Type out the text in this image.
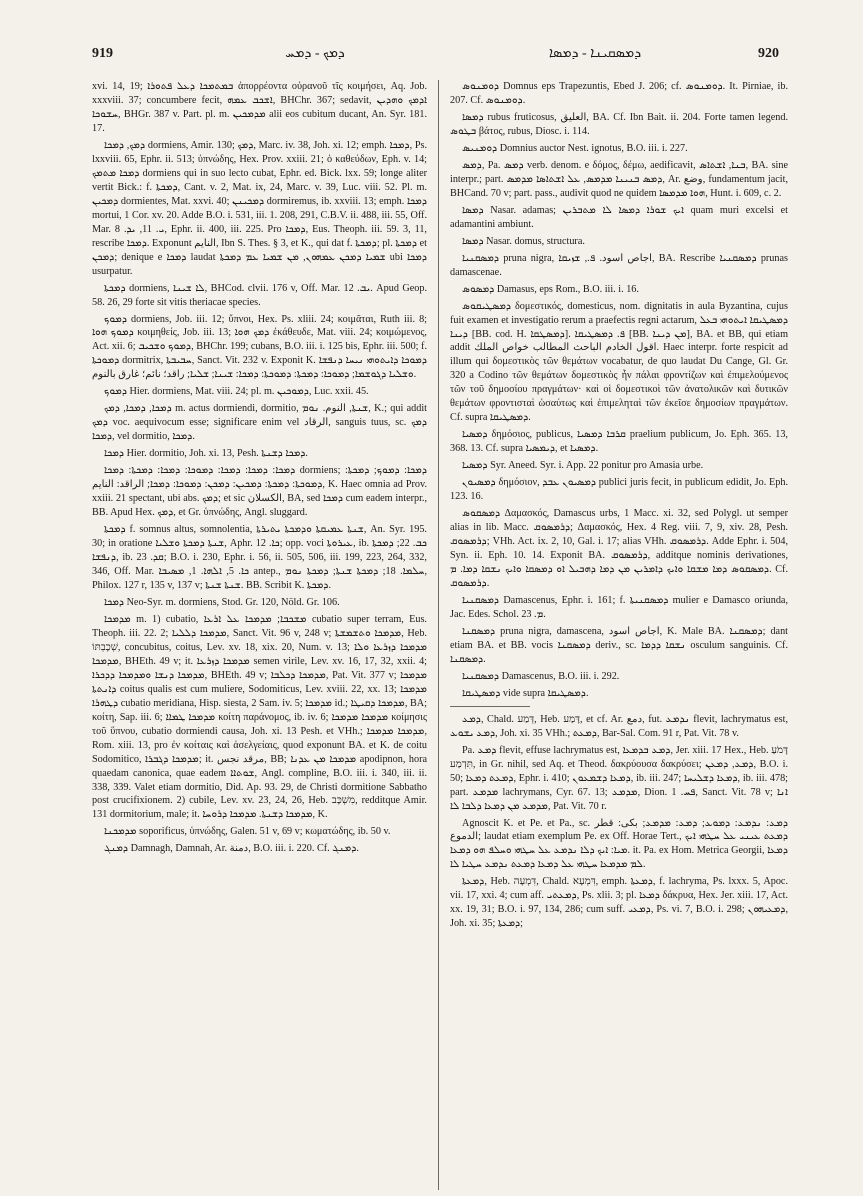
919	ܕܡܟ - ܕܡܚ	ܕܡܣܩܝܢܐ - ܕܡܣܐ	920

xvi. 14, 19; ܒܡܬܡܟܐ ܕܥܠ ܦܬܘܪܐ ἀπορρέοντα οὐρανοῦ τῖς κοιμήσει, Aq. Job. xxxviii. 37; concumbere fecit, ܐܫܟܒ ܥܡܗ, BHChr. 367; sedavit, ܐܕܡܟ ܘܗܕܝܢ ܚܫܘܟܐ, BHGr. 387 v. Part. pl. m. ܡܕܡܟܝܢ alii eos cubitum ducant, An. Syr. 181. 17.

ܕܡܟ, ܕܡܟܐ dormiens, Amir. 130; ܕܡܟ, Marc. iv. 38, Joh. xi. 12; emph. ܕܡܟܐ, Ps. lxxviii. 65, Ephr. ii. 513; ὑπνώδης, Hex. Prov. xxiii. 21; ὁ καθεύδων, Eph. v. 14; ܕܡܟܐ ܡܬܡܟ dormiens qui in suo lecto cubat, Ephr. ed. Bick. lxx. 59; longe aliter vertit Bick.: f. ܕܡܟܬܐ, Cant. v. 2, Mat. ix, 24, Marc. v. 39, Luc. viii. 52. Pl. m. ܕܡܟܝܢ dormientes, Mat. xxvi. 40; ܕܡܟܝܢܢ dormiremus, ib. xxviii. 13; emph. ܕܡܟܐ mortui, 1 Cor. xv. 20. Adde B.O. i. 531, iii. 1. 208, 291, C.B.V. ii. 488, iii. 55, Off. Mar. ܝ. 11, ܝܕ. 8, Ephr. ii. 400, iii. 225. Pro ܕܡܟܐ, Eus. Theoph. iii. 59. 3, 11, rescribe ܕܡܟܐ. Exponunt النايم, Ibn S. Thes. § 3, et K., qui dat f. ܕܡܟܬܐ; pl. ܕܡܟܬܐ et ܕܡܟܢ; denique e ܕܡܟܐ laudat ܫܡܝܐ ܕܡܟܢ ܥܡܗܘܢ, ܡܢ ܫܡܝܐ ܥܡ ܕܡܟܬܐ ubi ܕܡܟܐ usurpatur.

ܕܡܟܬܐ dormiens, ܠܐ ܫܝܢܐ, BHCod. clvii. 176 v, Off. Mar. ܝܒ. 12. Apud Geop. 58. 26, 29 forte sit vitis theriacae species.

ܕܡܘܟ dormiens, Job. iii. 12; ὕπνοι, Hex. Ps. xliii. 24; κοιμᾶται, Ruth iii. 8; ܕܡܘܟ ܗܘܐ κοιμηθείς, Job. iii. 13; ܕܡܟ ܗܘܐ ἐκάθευδε, Mat. viii. 24; κοιμώμενος, Act. xii. 6; ܕܡܘܟ ܘܫܟܝܒ, BHChr. 199; cubans, B.O. iii. i. 125 bis, Ephr. iii. 500; f. ܕܡܘܟܬܐ dormitrix, ܚܒܝܒܬܐ, Sanct. Vit. 232 v. Exponit K. ܕܡܘܟܐ ܕܐܝܬܘܗܝ ܢܝܚܐ ܕܢܦܫܐ ܘܫܠܝܐ ܕܓܘܫܡܐ; ܕܡܘܟܐ: ܕܡܟܬܐ: ܕܡܘܟܬܐ: ܕܡܟܐ: ܫܝܢܐ; ܫܠܝܐ; راقد؛ نائم؛ غارق بالنوم.

ܕܡܘܟ Hier. dormiens, Mat. viii. 24; pl. m. ܕܡܘܟܝܢ, Luc. xxii. 45.

ܕܡܟܐ, ܕܡܟܐ, ܕܡܟ m. actus dormiendi, dormitio, ܫܢܬܐ, النوم. ܢܘܡ, K.; qui addit ܕܡܟ voc. aequivocum esse; significare enim vel الرقاد, sanguis tuus, sc. ܕܡܟ ܕܡܟܐ, vel dormitio, ܕܡܟܐ.

ܕܡܟܐ Hier. dormitio, Joh. xi. 13, Pesh. ܕܡܟܐ ܕܫܢܬܐ.

ܕܡܟܐ: ܕܡܟܐ: ܕܡܟܐ: ܕܡܘܟܐ: ܕܡܟܐ: ܕܡܟܬܐ: ܕܡܟܐ dormiens; ܕܡܟܐ: ܕܡܘܟ; ܕܡܟܬܐ: ܕܡܘܟܬܐ: ܕܡܟܬܐ: ܕܡܟܝܢ: ܕܡܟܢ: ܕܡܘܟܐ: ܕܡܟܐ; الراقد: النايم, K. Haec omnia ad Prov. xxiii. 21 spectant, ubi abs. ܕܡܟ; et sic الكسلان, BA, sed ܕܡܟܐ cum eadem interpr., BB. Apud Hex. ܕܡܟ, et Gr. ὑπνώδης, Angl. sluggard.

ܕܡܟܬܐ f. somnus altus, somnolentia, ܫܢܬܐ ܥܡܝܩܬܐ ܘܕܡܟܬܐ ܝܬܝܪܬܐ, An. Syr. 195. 30; in oratione ܫܢܬܐ ܕܡܟܬܐ ܘܫܠܝܐ, Aphr. ܟܐ. 12; opp. voci ܥܝܪܘܬܐ, ib. ܟܒ. 22; ܕܡܟܬܐ ܕܢܦܫܐ, ib. ܩܕ. 23; B.O. i. 230, Ephr. i. 56, ii. 505, 506, iii. 199, 223, 264, 332, 346, Off. Mar. ܟܐ. 5, ܐܠܗܐ. 1, ܡܣܝܒܐ antep., ܚܠܡܐ. 18; ܕܡܟܬܐ ܫܢܬܐ; ܕܡܟܬܐ ܢܘܡ, Philox. 127 r, 135 v, 137 v; ܫܢܬܐ ܫܢܬܐ. BB. Scribit K. ܕܡܟܬܐ.

ܕܡܟܐ Neo-Syr. m. dormiens, Stod. Gr. 120, Nöld. Gr. 106.

ܡܕܡܟܐ m. 1) cubatio, ܡܫܟܒܐ; ܡܕܡܟܐ ܥܠ ܐܪܥܐ cubatio super terram, Eus. Theoph. iii. 22. 2; ܡܕܡܟܐ ܕܠܠܝܐ, Sanct. Vit. 96 v, 248 v; ܡܕܡܟܐ ܘܬܫܡܫܬܐ, Heb. שְׁכָבְתּוֹ, concubitus, coitus, Lev. xv. 18, xix. 20, Num. v. 13; ܡܕܡܟܐ ܕܙܪܥܐ ܘܠܐ ܡܕܡܟܐ, BHEth. 49 v; it. ܡܕܡܟܐ ܕܙܪܥܐ semen virile, Lev. xv. 16, 17, 32, xxii. 4; ܡܕܡܟܐ ܕܢܫܐ ܘܡܕܡܟܐ ܕܕܟܪܐ, BHEth. 49 v; ܡܕܡܟܐ ܕܟܠܒܐ, Pat. Vit. 377 v; ܡܕܡܟܐ ܕܐܢܬܬܐ coitus qualis est cum muliere, Sodomiticus, Lev. xviii. 22, xx. 13; ܡܕܡܟܐ ܕܛܗܪܐ cubatio meridiana, Hisp. siesta, 2 Sam. iv. 5; ܡܕܡܟܐ id.; ܡܕܡܟܐ ܕܩܝܛܐ, BA; κοίτη, Sap. iii. 6; ܡܕܡܟܐ ܛܡܐܐ κοίτη παράνομος, ib. iv. 6; ܡܕܡܟܐ ܡܕܡܟܐ κοίμησις τοῦ ὕπνου, cubatio dormiendi causa, Joh. xi. 13 Pesh. et VHh.; ܡܕܡܟܐ ܡܕܡܟܐ, Rom. xiii. 13, pro ἐν κοίταις καὶ ἀσελγείαις, quod exponunt BA. et K. de coitu Sodomitico, ܡܕܡܟܐ ܕܓܒܪܐ; it. مرقد نجس, BB; ܡܕܡܟܐ ܡܢ ܥܕܢܐ apodipnon, hora quaedam canonica, quae eadem ܫܘܬܐܐ, Angl. compline, B.O. iii. i. 340, iii. ii. 338, 339. Valet etiam dormitio, Did. Ap. 93. 29, de Christi dormitione Sabbatho post crucifixionem. 2) cubile, Lev. xv. 23, 24, 26, Heb. מִשְׁכָּב, redditque Amir. 131 dormitorium, male; it. ܡܕܡܟܐ ܕܫܢܬܐ. ܡܕܡܟܐ ܕܪܘܚܐ, K.

ܡܕܡܟܢܐ soporificus, ὑπνώδης, Galen. 51 v, 69 v; κωματώδης, ib. 50 v.

ܕܡܢܓ Damnagh, Damnah, Ar. دمنة, B.O. iii. i. 220. Cf. ܕܡܢܓ.

ܕܘܡܢܘܣ Domnus eps Trapezuntis, Ebed J. 206; cf. ܕܘܡܢܘܣ. It. Pirniae, ib. 207. Cf. ܕܘܡܢܘܣ.

ܕܡܣܐ rubus fruticosus, العليق, BA. Cf. Ibn Bait. ii. 204. Forte tamen legend. ܒܛܘܣ βάτος, rubus, Diosc. i. 114.

ܕܘܡܢܝܣ Domnius auctor Nest. ignotus, B.O. iii. i. 227.

ܕܡܣ, Pa. ܕܡܣ verb. denom. e δόμος, δέμω, aedificavit, ܒܢܐ, ܐܫܬܐܣ, BA. sine interpr.; part. ܕܡܣ ܒܢܝܢܐ ܡܕܡܣ, ܥܠ ܐܫܬܐܣܐ ܡܕܡܣ, Ar. وضع, fundamentum jacit, BHCand. 70 v; part. pass., audivit quod ne quidem ܗܘܐ ܡܕܡܣܐ, Hunt. i. 609, c. 2.

ܕܡܣܐ Nasar. adamas; ܐܝܟ ܫܘܪܐ ܕܡܣܐ ܠܐ ܡܬܒܪܝܢ quam muri excelsi et adamantini ambiunt.

ܕܡܣܐ Nasar. domus, structura.

ܕܡܣܩܢܝܐ pruna nigra, اجاص اسود. ܦ., ܫܙܝܩܐ, BA. Rescribe ܕܡܣܩܢܝܐ prunas damascenae.

ܕܡܣܘܣ Damasus, eps Rom., B.O. iii. i. 16.

ܕܡܣܛܝܩܘܣ δομεστικός, domesticus, nom. dignitatis in aula Byzantina, cujus fuit examen et investigatio rerum a praefectis regni actarum, ܕܡܣܛܝܩܐ ܐܝܬܘܗܝ ܒܥܠ ܕܝܢܐ [BB. cod. H. ܕܡܣܛܩܐ]. ܦ. ܕܡܣܛܝܩܐ [BB. ܡܢ ܕܝܢܐ], BA. et BB, qui etiam addit اقول الخادم الباحث المطالب خواص الملك. Haec interpr. forte respicit ad illum qui δομεστικὸς τῶν θεμάτων vocabatur, de quo laudat Du Cange, Gl. Gr. 320 a Codino τῶν θεμάτων δομεστικὸς ἦν πάλαι φροντίζων καὶ ἐπιμελούμενος τῶν τοῦ δημοσίου πραγμάτων· καὶ οἱ δομεστικοὶ τῶν ἀνατολικῶν καὶ δυτικῶν θεμάτων φροντισταὶ ὡσαύτως καὶ ἐπιμεληταὶ τῶν ἐκεῖσε δημοσίων πραγμάτων. Cf. supra ܕܡܣܛܝܩܐ.

ܕܡܣܝܐ δημόσιος, publicus, ܩܪܒܐ ܕܡܣܝܐ praelium publicum, Jo. Eph. 365. 13, 368. 13. Cf. supra ܕܝܡܣܝܐ, et ܕܡܣܝܐ.

ܕܡܣܝܐ Syr. Aneed. Syr. i. App. 22 ponitur pro Amasia urbe.

ܕܡܣܝܘܢ δημόσιον, ܕܡܣܝܘܢ ܥܒܕ publici juris fecit, in publicum edidit, Jo. Eph. 123. 16.

ܕܡܣܩܘܣ Δαμασκός, Damascus urbs, 1 Macc. xi. 32, sed Polygl. ut semper alias in lib. Macc. ܕܪܡܣܘܩ; Δαμασκός, Hex. 4 Reg. viii. 7, 9, xiv. 28, Pesh. ܕܪܡܣܘܩ; VHh. Act. ix. 2, 10, Gal. i. 17; alias VHh. ܕܪܡܣܘܩ. Adde Ephr. i. 504, Syn. ii. Eph. 10. 14. Exponit BA. ܕܪܡܣܘܩ, additque nominis derivationes, ܕܡܣܩܘܣ ܕܡܐ ܡܫܩܐ ܘܐܝܟ ܕܐܡܪܝܢ ܡܢ ܕܡܐ ܕܗܒܝܠ ܐܘ ܕܡܣܩܐ ܘܐܝܟ ܢܫܩܐ ܕܡܐ. ܡ. Cf. ܕܪܡܣܘܩ.

ܕܡܣܩܢܝܐ Damascenus, Ephr. i. 161; f. ܕܡܣܩܢܝܬܐ mulier e Damasco oriunda, Jac. Edes. Schol. ܡ. 23.

ܕܡܣܩܢܐ pruna nigra, damascena, اجاص اسود, K. Male BA. ܕܡܣܩܢܐ; dant etiam BA. et BB. vocis ܕܡܣܩܢܐ deriv., sc. ܢܫܩܐ ܕܕܡܐ osculum sanguinis. Cf. ܕܡܣܩܢܐ.

ܕܡܣܩܢܝܐ Damascenus, B.O. iii. i. 292.

ܕܡܣܛܝܩܐ vide supra ܕܡܣܛܝܩܐ.

ܕܡܥ, Chald. דְּמַע, Heb. דָּמַע, et cf. Ar. دمع, fut. ܢܕܡܥ flevit, lachrymatus est, ܕܡܥ ܝܫܘܥ, Joh. xi. 35 VHh.; ܕܡܥܬ, Bar-Sal. Com. 91 r, Pat. Vit. 78 v.

Pa. ܕܡܥ flevit, effuse lachrymatus est, ܕܡܥ ܒܕܡܥܐ, Jer. xiii. 17 Hex., Heb. דָּמֹעַ תִּדְמַע, in Gr. nihil, sed Aq. et Theod. δακρύουσα δακρύσει; ܕܡܥ, ܕܡܥܢ, B.O. i. 50; ܕܡܥܬ ܕܡܥܐ, Ephr. i. 410; ܕܡܥܐ ܕܫܡܥܘܢ, ib. iii. 247; ܕܡܥܐ ܕܫܠܝܚܐ, ib. iii. 478; part. ܡܕܡܥ lachrymans, Cyr. 67. 13; ܡܕܡܥ, Dion. ܦܚ. 1, Sanct. Vit. 78 v; ܐܢܐ ܡܕܡܥ ܡܢ ܕܡܥܐ ܕܠܒܐ ܠܐ, Pat. Vit. 70 r.

Agnoscit K. et Pe. et Pa., sc. ܕܡܥ: ܢܕܡܥ: ܕܡܘܥ; ܕܡܥ: ܡܕܡܥ; بكى: قطر الدموع; laudat etiam exemplum Pe. ex Off. Horae Tert., ܕܡܥܬ ܥܝܢܝ ܥܠ ܚܛܗܝ ܐܝܟ ܡܝܐ: ܐܝܟ ܕܠܐ ܢܕܡܥ ܥܠ ܚܛܗܝ ܘܚܠܦ ܗܘ ܕܡܥܐ. it. Pa. ex Hom. Metrica Georgii, ܕܡܥܐ ܠܡ ܡܕܡܥܐ ܚܛܗܝ ܥܠ ܕܡܥܐ ܕܡܥܬ ܢܕܡܥ ܚܛܝܐ ܠܐ.

ܕܡܥܬܐ, Heb. דִּמְעָה, Chald. דִּמְעָא, emph. ܕܡܥܬܐ, f. lachryma, Ps. lxxx. 5, Apoc. vii. 17, xxi. 4; cum aff. ܕܡܥܬܝ, Ps. xlii. 3; pl. ܕܡܥܐ δάκρυα, Hex. Jer. xiii. 17, Act. xx. 19, 31; B.O. i. 97, 134, 286; cum suff. ܕܡܥܝ, Ps. vi. 7, B.O. i. 298; ܕܡܥܝܗܘܢ, Joh. xi. 35; ܕܡܥܬܐ;
